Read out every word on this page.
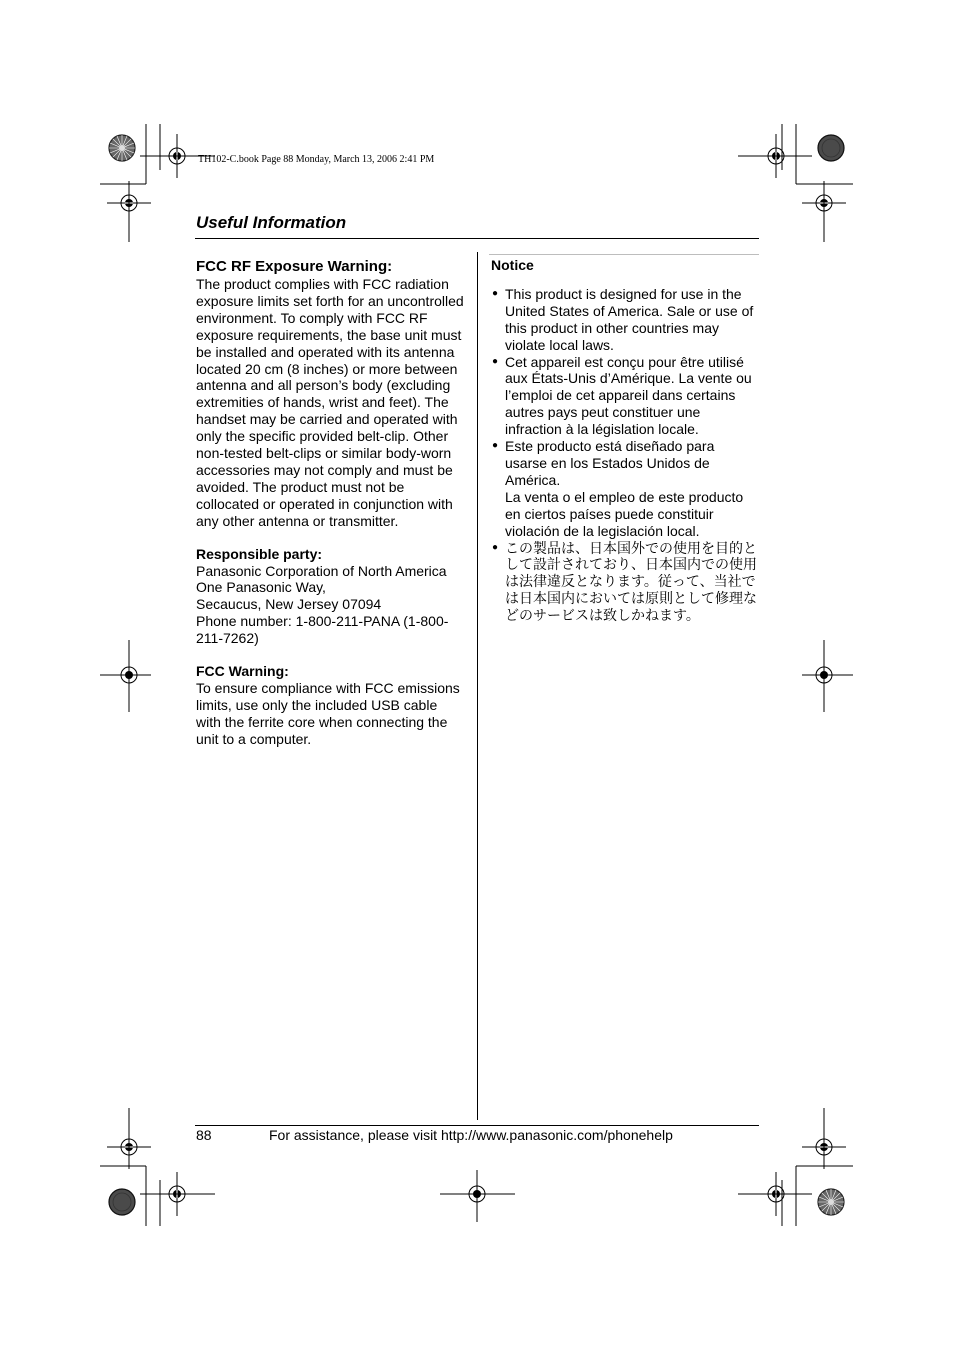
TH102-C.book Page 88 Monday, March 13, 2006 2:41 PM
Useful Information

FCC RF Exposure Warning:

The product complies with FCC radiation exposure limits set forth for an uncontrolled environment. To comply with FCC RF exposure requirements, the base unit must be installed and operated with its antenna located 20 cm (8 inches) or more between antenna and all person’s body (excluding extremities of hands, wrist and feet). The handset may be carried and operated with only the specific provided belt-clip. Other non-tested belt-clips or similar body-worn accessories may not comply and must be avoided. The product must not be collocated or operated in conjunction with any other antenna or transmitter.

Responsible party:

Panasonic Corporation of North America

One Panasonic Way,

Secaucus, New Jersey 07094

Phone number: 1-800-211-PANA (1-800-211-7262)

FCC Warning:

To ensure compliance with FCC emissions limits, use only the included USB cable with the ferrite core when connecting the unit to a computer.

Notice

● This product is designed for use in the United States of America. Sale or use of this product in other countries may violate local laws.
● Cet appareil est conçu pour être utilisé aux États-Unis d’Amérique. La vente ou l’emploi de cet appareil dans certains autres pays peut constituer une infraction à la législation locale.
● Este producto está diseñado para usarse en los Estados Unidos de América.
La venta o el empleo de este producto en ciertos países puede constituir violación de la legislación local.
● この製品は、日本国外での使用を目的として設計されており、日本国内での使用は法律違反となります。従って、当社では日本国内においては原則として修理などのサービスは致しかねます。
88	For assistance, please visit http://www.panasonic.com/phonehelp
